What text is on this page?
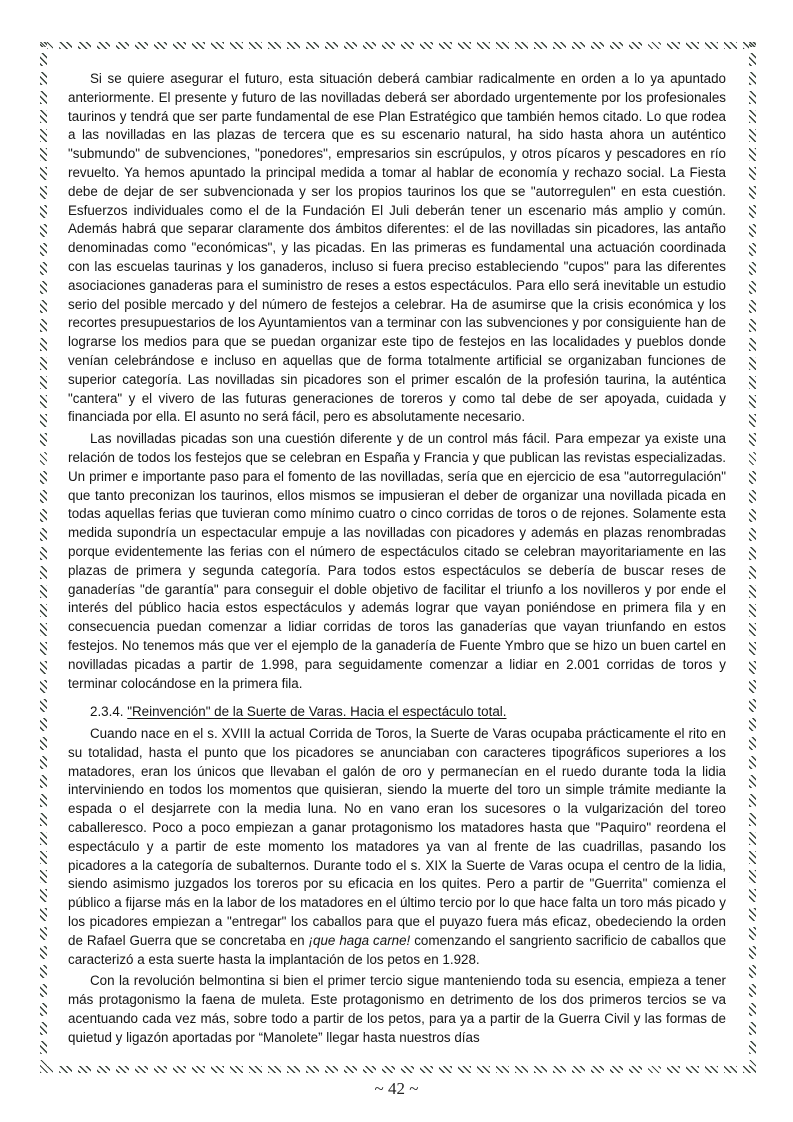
Si se quiere asegurar el futuro, esta situación deberá cambiar radicalmente en orden a lo ya apuntado anteriormente. El presente y futuro de las novilladas deberá ser abordado urgentemente por los profesionales taurinos y tendrá que ser parte fundamental de ese Plan Estratégico que también hemos citado. Lo que rodea a las novilladas en las plazas de tercera que es su escenario natural, ha sido hasta ahora un auténtico "submundo" de subvenciones, "ponedores", empresarios sin escrúpulos, y otros pícaros y pescadores en río revuelto. Ya hemos apuntado la principal medida a tomar al hablar de economía y rechazo social. La Fiesta debe de dejar de ser subvencionada y ser los propios taurinos los que se "autorregulen" en esta cuestión. Esfuerzos individuales como el de la Fundación El Juli deberán tener un escenario más amplio y común. Además habrá que separar claramente dos ámbitos diferentes: el de las novilladas sin picadores, las antaño denominadas como "económicas", y las picadas. En las primeras es fundamental una actuación coordinada con las escuelas taurinas y los ganaderos, incluso si fuera preciso estableciendo "cupos" para las diferentes asociaciones ganaderas para el suministro de reses a estos espectáculos. Para ello será inevitable un estudio serio del posible mercado y del número de festejos a celebrar. Ha de asumirse que la crisis económica y los recortes presupuestarios de los Ayuntamientos van a terminar con las subvenciones y por consiguiente han de lograrse los medios para que se puedan organizar este tipo de festejos en las localidades y pueblos donde venían celebrándose e incluso en aquellas que de forma totalmente artificial se organizaban funciones de superior categoría. Las novilladas sin picadores son el primer escalón de la profesión taurina, la auténtica "cantera" y el vivero de las futuras generaciones de toreros y como tal debe de ser apoyada, cuidada y financiada por ella. El asunto no será fácil, pero es absolutamente necesario.

Las novilladas picadas son una cuestión diferente y de un control más fácil. Para empezar ya existe una relación de todos los festejos que se celebran en España y Francia y que publican las revistas especializadas. Un primer e importante paso para el fomento de las novilladas, sería que en ejercicio de esa "autorregulación" que tanto preconizan los taurinos, ellos mismos se impusieran el deber de organizar una novillada picada en todas aquellas ferias que tuvieran como mínimo cuatro o cinco corridas de toros o de rejones. Solamente esta medida supondría un espectacular empuje a las novilladas con picadores y además en plazas renombradas porque evidentemente las ferias con el número de espectáculos citado se celebran mayoritariamente en las plazas de primera y segunda categoría. Para todos estos espectáculos se debería de buscar reses de ganaderías "de garantía" para conseguir el doble objetivo de facilitar el triunfo a los novilleros y por ende el interés del público hacia estos espectáculos y además lograr que vayan poniéndose en primera fila y en consecuencia puedan comenzar a lidiar corridas de toros las ganaderías que vayan triunfando en estos festejos. No tenemos más que ver el ejemplo de la ganadería de Fuente Ymbro que se hizo un buen cartel en novilladas picadas a partir de 1.998, para seguidamente comenzar a lidiar en 2.001 corridas de toros y terminar colocándose en la primera fila.

2.3.4. "Reinvención" de la Suerte de Varas. Hacia el espectáculo total.

Cuando nace en el s. XVIII la actual Corrida de Toros, la Suerte de Varas ocupaba prácticamente el rito en su totalidad, hasta el punto que los picadores se anunciaban con caracteres tipográficos superiores a los matadores, eran los únicos que llevaban el galón de oro y permanecían en el ruedo durante toda la lidia interviniendo en todos los momentos que quisieran, siendo la muerte del toro un simple trámite mediante la espada o el desjarrete con la media luna. No en vano eran los sucesores o la vulgarización del toreo caballeresco. Poco a poco empiezan a ganar protagonismo los matadores hasta que "Paquiro" reordena el espectáculo y a partir de este momento los matadores ya van al frente de las cuadrillas, pasando los picadores a la categoría de subalternos. Durante todo el s. XIX la Suerte de Varas ocupa el centro de la lidia, siendo asimismo juzgados los toreros por su eficacia en los quites. Pero a partir de "Guerrita" comienza el público a fijarse más en la labor de los matadores en el último tercio por lo que hace falta un toro más picado y los picadores empiezan a "entregar" los caballos para que el puyazo fuera más eficaz, obedeciendo la orden de Rafael Guerra que se concretaba en ¡que haga carne! comenzando el sangriento sacrificio de caballos que caracterizó a esta suerte hasta la implantación de los petos en 1.928.

Con la revolución belmontina si bien el primer tercio sigue manteniendo toda su esencia, empieza a tener más protagonismo la faena de muleta. Este protagonismo en detrimento de los dos primeros tercios se va acentuando cada vez más, sobre todo a partir de los petos, para ya a partir de la Guerra Civil y las formas de quietud y ligazón aportadas por “Manolete” llegar hasta nuestros días

~ 42 ~
